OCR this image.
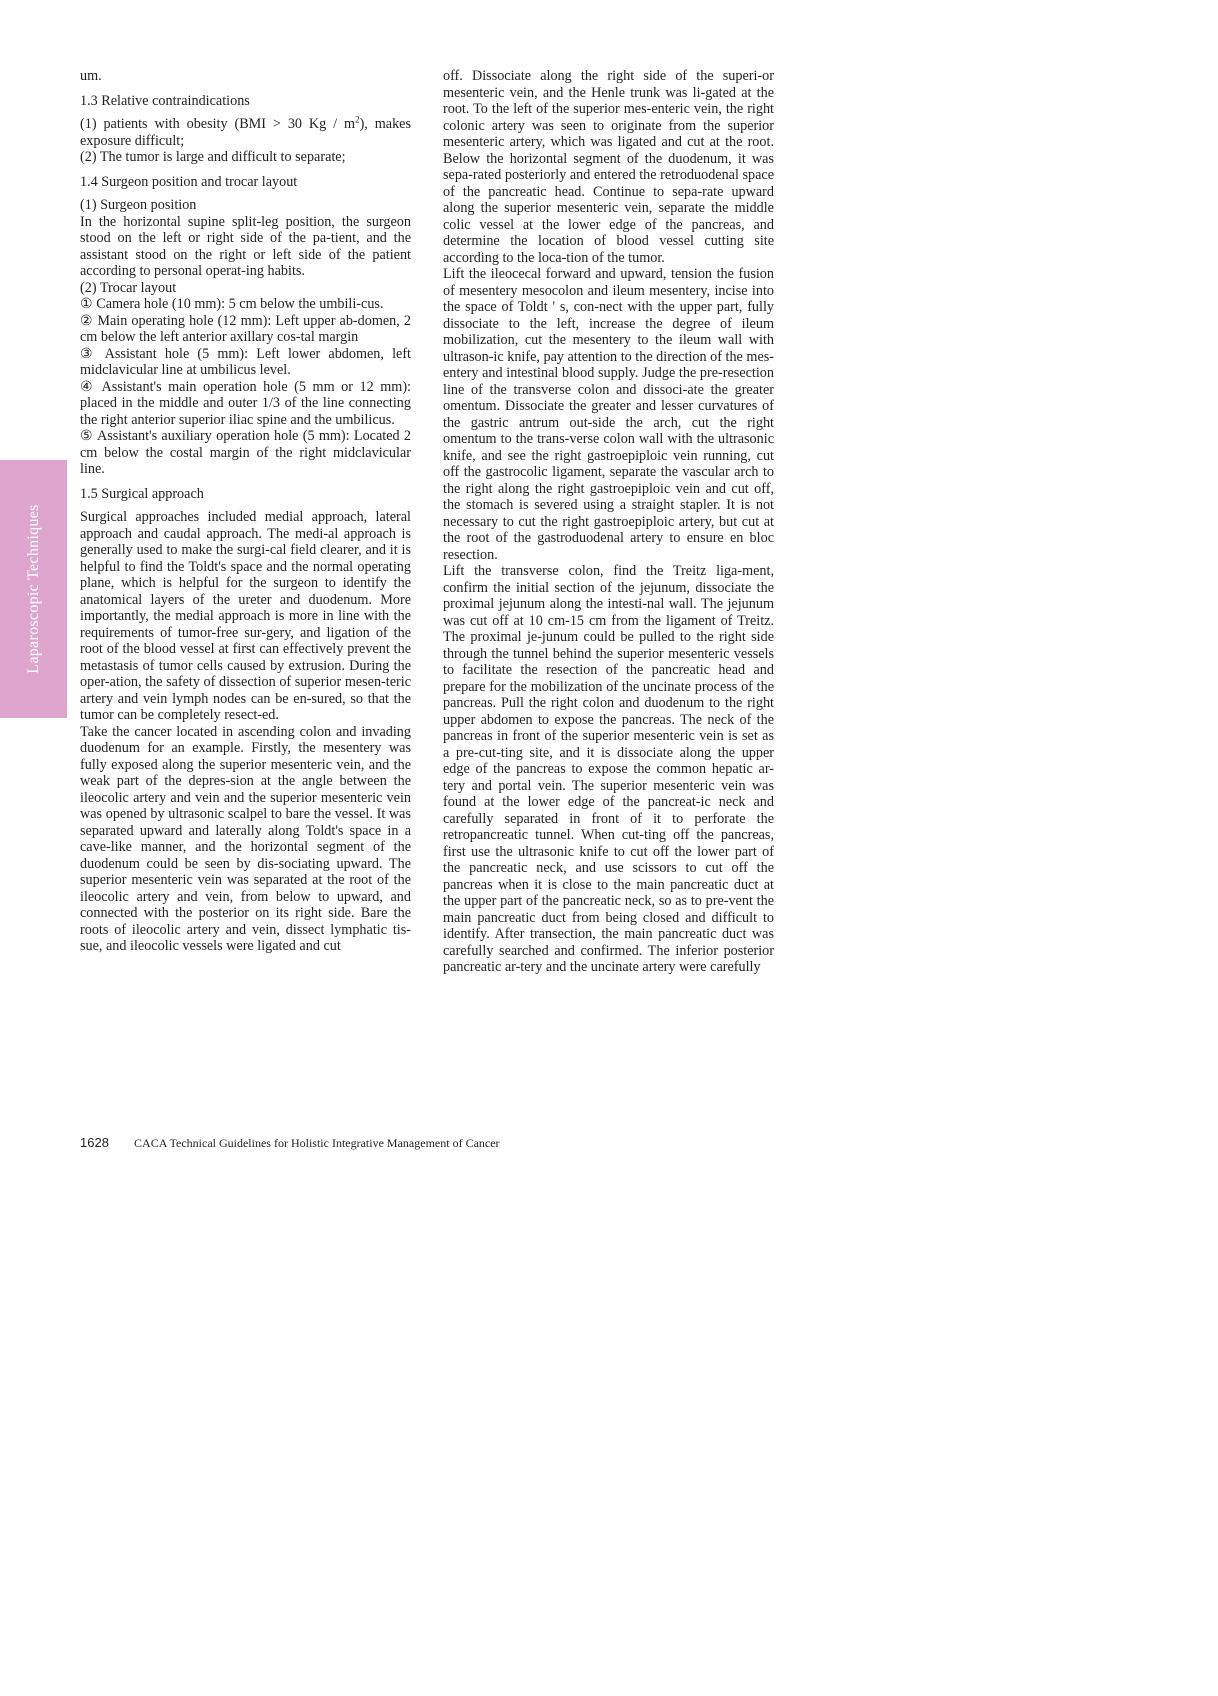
Laparoscopic Techniques

um.

1.3 Relative contraindications

(1) patients with obesity (BMI > 30 Kg / $m^2$), makes exposure difficult;

(2) The tumor is large and difficult to separate;

1.4 Surgeon position and trocar layout

(1) Surgeon position

In the horizontal supine split-leg position, the surgeon stood on the left or right side of the pa-tient, and the assistant stood on the right or left side of the patient according to personal operat-ing habits.

(2) Trocar layout

① Camera hole (10 mm): 5 cm below the umbili-cus.

② Main operating hole (12 mm): Left upper ab-domen, 2 cm below the left anterior axillary cos-tal margin

③ Assistant hole (5 mm): Left lower abdomen, left midclavicular line at umbilicus level.

④ Assistant's main operation hole (5 mm or 12 mm): placed in the middle and outer 1/3 of the line connecting the right anterior superior iliac spine and the umbilicus.

⑤ Assistant's auxiliary operation hole (5 mm): Located 2 cm below the costal margin of the right midclavicular line.

1.5 Surgical approach

Surgical approaches included medial approach, lateral approach and caudal approach. The medi-al approach is generally used to make the surgi-cal field clearer, and it is helpful to find the Toldt's space and the normal operating plane, which is helpful for the surgeon to identify the anatomical layers of the ureter and duodenum. More importantly, the medial approach is more in line with the requirements of tumor-free sur-gery, and ligation of the root of the blood vessel at first can effectively prevent the metastasis of tumor cells caused by extrusion. During the oper-ation, the safety of dissection of superior mesen-teric artery and vein lymph nodes can be en-sured, so that the tumor can be completely resect-ed.

Take the cancer located in ascending colon and invading duodenum for an example. Firstly, the mesentery was fully exposed along the superior mesenteric vein, and the weak part of the depres-sion at the angle between the ileocolic artery and vein and the superior mesenteric vein was opened by ultrasonic scalpel to bare the vessel. It was separated upward and laterally along Toldt's space in a cave-like manner, and the horizontal segment of the duodenum could be seen by dis-sociating upward. The superior mesenteric vein was separated at the root of the ileocolic artery and vein, from below to upward, and connected with the posterior on its right side. Bare the roots of ileocolic artery and vein, dissect lymphatic tis-sue, and ileocolic vessels were ligated and cut

off. Dissociate along the right side of the superi-or mesenteric vein, and the Henle trunk was li-gated at the root. To the left of the superior mes-enteric vein, the right colonic artery was seen to originate from the superior mesenteric artery, which was ligated and cut at the root. Below the horizontal segment of the duodenum, it was sepa-rated posteriorly and entered the retroduodenal space of the pancreatic head. Continue to sepa-rate upward along the superior mesenteric vein, separate the middle colic vessel at the lower edge of the pancreas, and determine the location of blood vessel cutting site according to the loca-tion of the tumor.

Lift the ileocecal forward and upward, tension the fusion of mesentery mesocolon and ileum mesentery, incise into the space of Toldt ' s, con-nect with the upper part, fully dissociate to the left, increase the degree of ileum mobilization, cut the mesentery to the ileum wall with ultrason-ic knife, pay attention to the direction of the mes-entery and intestinal blood supply. Judge the pre-resection line of the transverse colon and dissoci-ate the greater omentum. Dissociate the greater and lesser curvatures of the gastric antrum out-side the arch, cut the right omentum to the trans-verse colon wall with the ultrasonic knife, and see the right gastroepiploic vein running, cut off the gastrocolic ligament, separate the vascular arch to the right along the right gastroepiploic vein and cut off, the stomach is severed using a straight stapler. It is not necessary to cut the right gastroepiploic artery, but cut at the root of the gastroduodenal artery to ensure en bloc resection.

Lift the transverse colon, find the Treitz liga-ment, confirm the initial section of the jejunum, dissociate the proximal jejunum along the intesti-nal wall. The jejunum was cut off at 10 cm-15 cm from the ligament of Treitz. The proximal je-junum could be pulled to the right side through the tunnel behind the superior mesenteric vessels to facilitate the resection of the pancreatic head and prepare for the mobilization of the uncinate process of the pancreas. Pull the right colon and duodenum to the right upper abdomen to expose the pancreas. The neck of the pancreas in front of the superior mesenteric vein is set as a pre-cut-ting site, and it is dissociate along the upper edge of the pancreas to expose the common hepatic ar-tery and portal vein. The superior mesenteric vein was found at the lower edge of the pancreat-ic neck and carefully separated in front of it to perforate the retropancreatic tunnel. When cut-ting off the pancreas, first use the ultrasonic knife to cut off the lower part of the pancreatic neck, and use scissors to cut off the pancreas when it is close to the main pancreatic duct at the upper part of the pancreatic neck, so as to pre-vent the main pancreatic duct from being closed and difficult to identify. After transection, the main pancreatic duct was carefully searched and confirmed. The inferior posterior pancreatic ar-tery and the uncinate artery were carefully

1628 CACA Technical Guidelines for Holistic Integrative Management of Cancer
